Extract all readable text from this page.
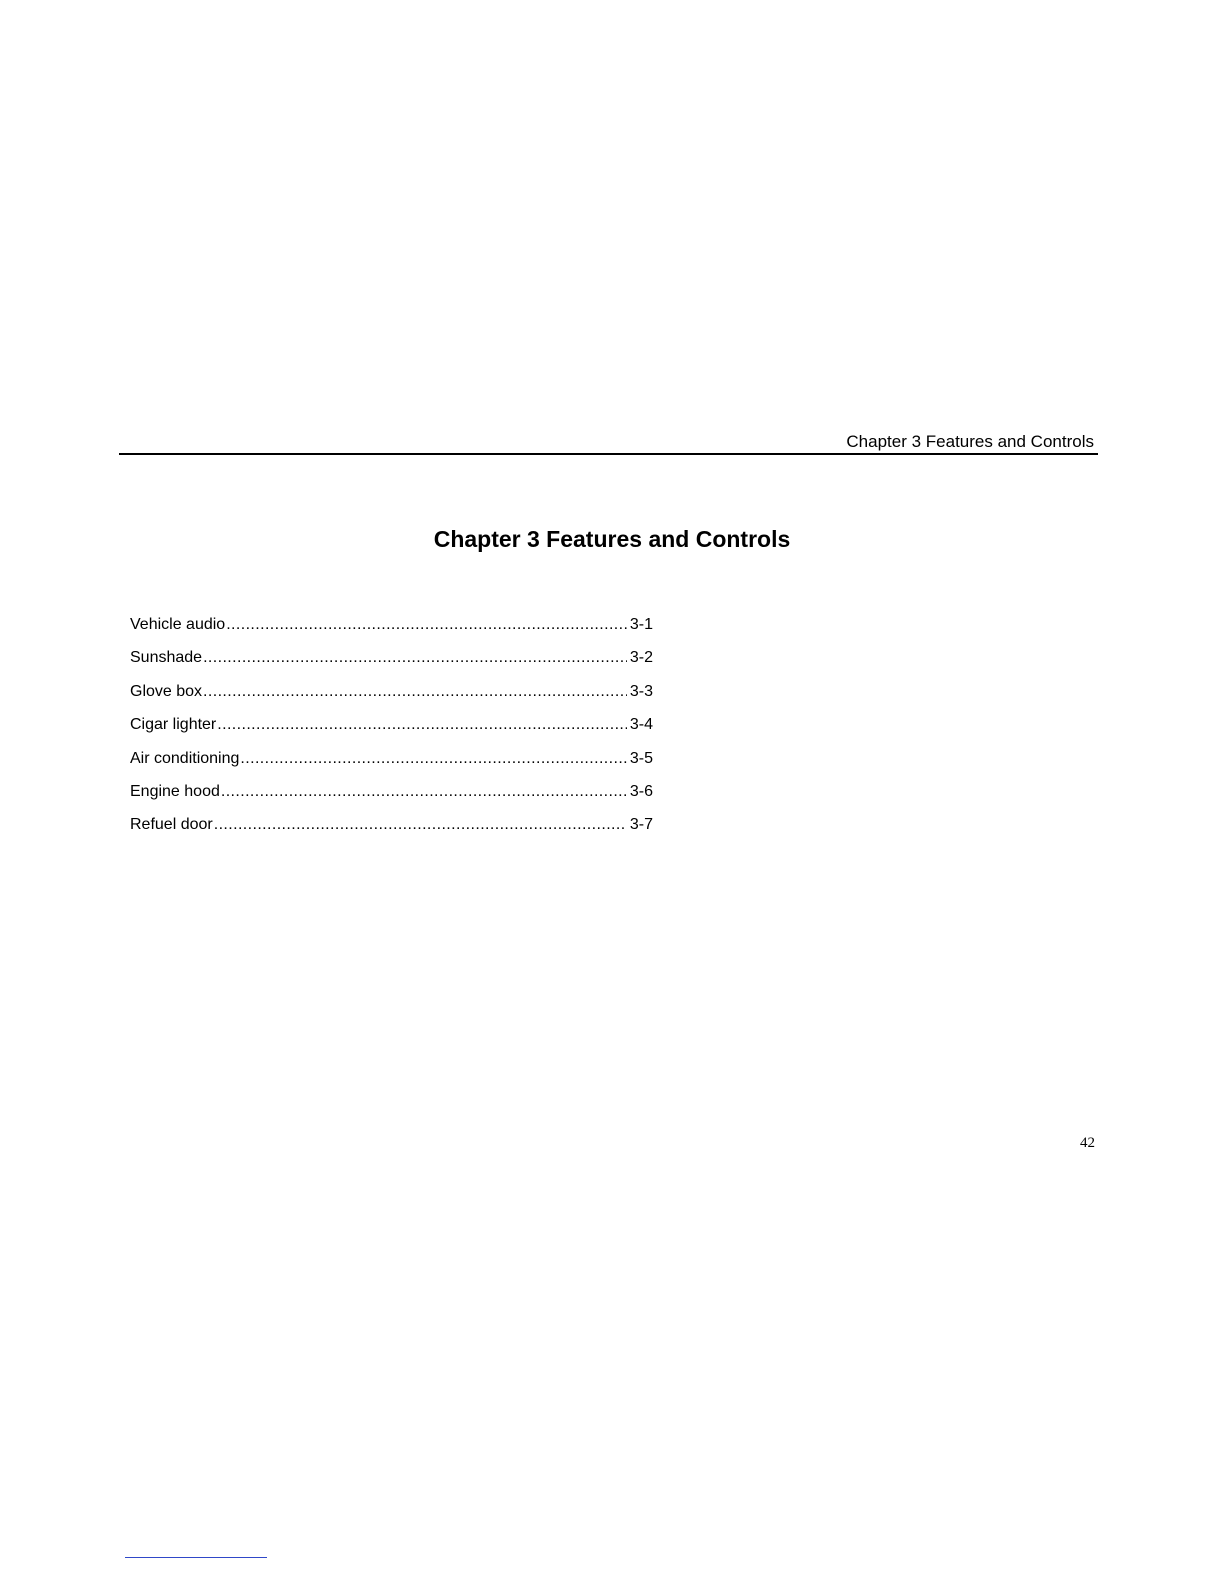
Chapter 3 Features and Controls
Chapter 3 Features and Controls
Vehicle audio .....	3-1
Sunshade .....	3-2
Glove box .....	3-3
Cigar lighter .....	3-4
Air conditioning .....	3-5
Engine hood .....	3-6
Refuel door .....	3-7
42
